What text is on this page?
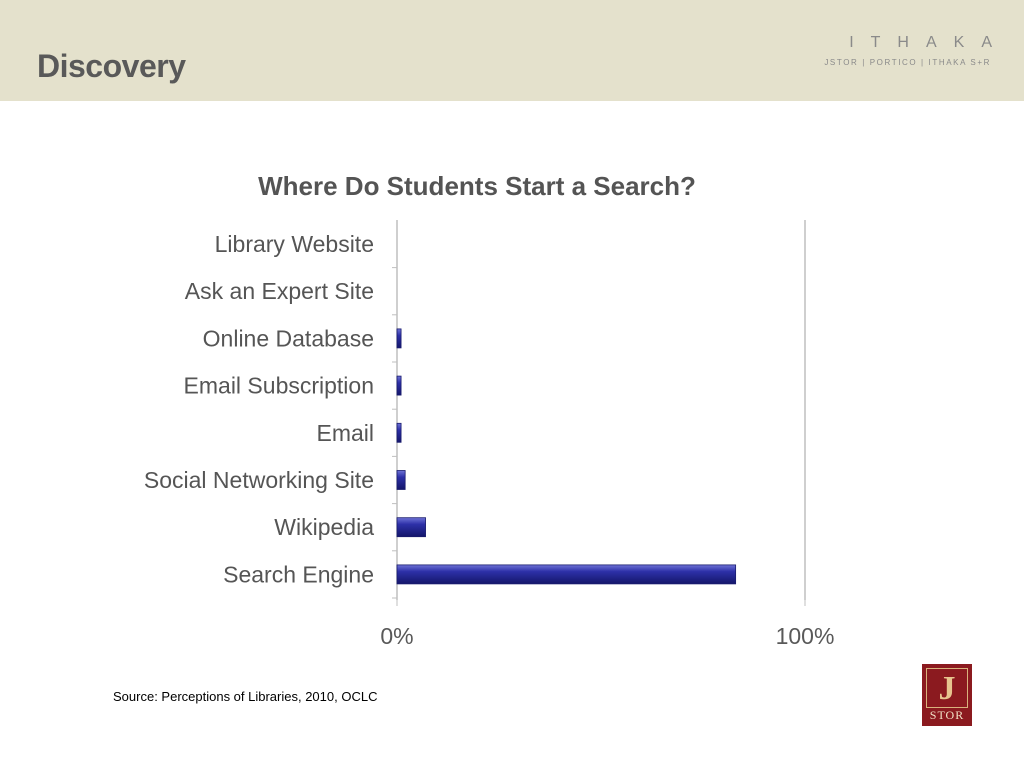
Discovery
ITHAKA
JSTOR | PORTICO | ITHAKA S+R
Where Do Students Start a Search?
Library Website
Ask an Expert Site
Online Database
Email Subscription
Email
Social Networking Site
Wikipedia
Search Engine
0%	100%
Source: Perceptions of Libraries, 2010, OCLC	J
STOR
